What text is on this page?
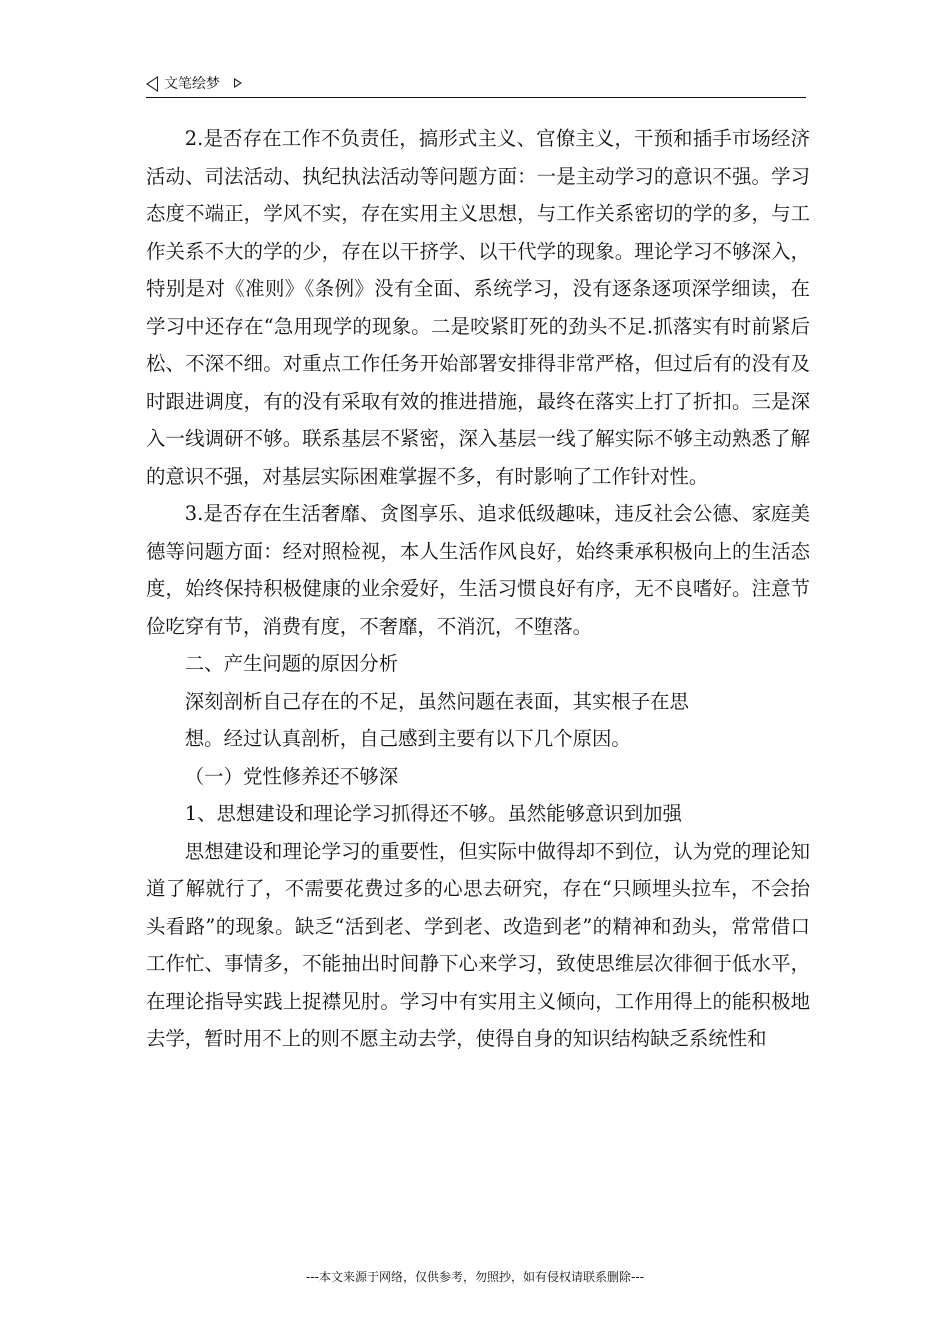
文笔绘梦

2.是否存在工作不负责任，搞形式主义、官僚主义，干预和插手市场经济活动、司法活动、执纪执法活动等问题方面：一是主动学习的意识不强。学习态度不端正，学风不实，存在实用主义思想，与工作关系密切的学的多，与工作关系不大的学的少，存在以干挤学、以干代学的现象。理论学习不够深入，特别是对《准则》《条例》没有全面、系统学习，没有逐条逐项深学细读，在学习中还存在“急用现学的现象。二是咬紧盯死的劲头不足.抓落实有时前紧后松、不深不细。对重点工作任务开始部署安排得非常严格，但过后有的没有及时跟进调度，有的没有采取有效的推进措施，最终在落实上打了折扣。三是深入一线调研不够。联系基层不紧密，深入基层一线了解实际不够主动熟悉了解的意识不强，对基层实际困难掌握不多，有时影响了工作针对性。

3.是否存在生活奢靡、贪图享乐、追求低级趣味，违反社会公德、家庭美德等问题方面：经对照检视，本人生活作风良好，始终秉承积极向上的生活态度，始终保持积极健康的业余爱好，生活习惯良好有序，无不良嗜好。注意节俭吃穿有节，消费有度，不奢靡，不消沉，不堕落。

二、产生问题的原因分析

深刻剖析自己存在的不足，虽然问题在表面，其实根子在思

想。经过认真剖析，自己感到主要有以下几个原因。

（一）党性修养还不够深

1、思想建设和理论学习抓得还不够。虽然能够意识到加强

思想建设和理论学习的重要性，但实际中做得却不到位，认为党的理论知道了解就行了，不需要花费过多的心思去研究，存在“只顾埋头拉车，不会抬头看路”的现象。缺乏“活到老、学到老、改造到老”的精神和劲头，常常借口工作忙、事情多，不能抽出时间静下心来学习，致使思维层次徘徊于低水平，在理论指导实践上捉襟见肘。学习中有实用主义倾向，工作用得上的能积极地去学，暂时用不上的则不愿主动去学，使得自身的知识结构缺乏系统性和

---本文来源于网络，仅供参考，勿照抄，如有侵权请联系删除---
